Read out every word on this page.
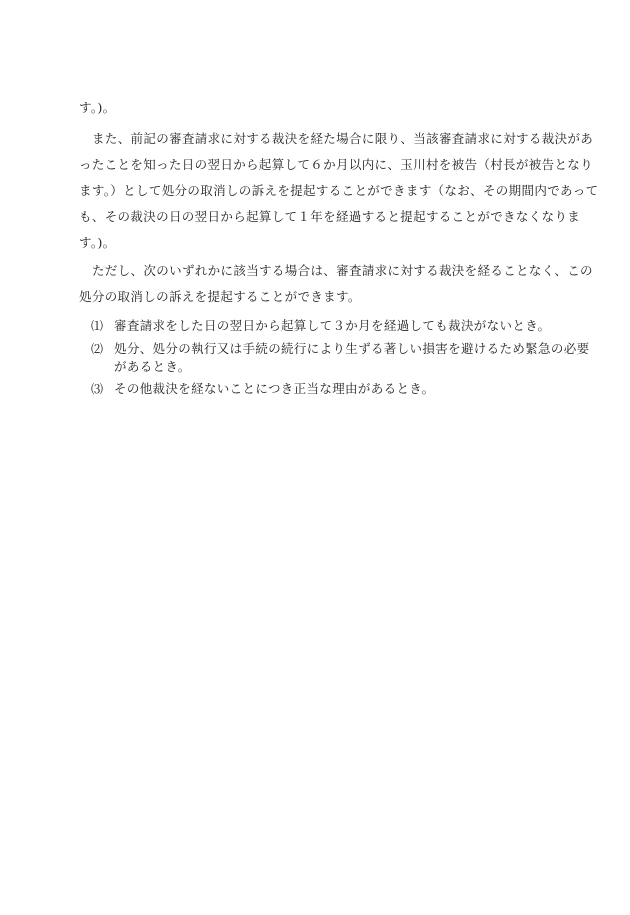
す。)。
また、前記の審査請求に対する裁決を経た場合に限り、当該審査請求に対する裁決があ
ったことを知った日の翌日から起算して６か月以内に、玉川村を被告（村長が被告となり
ます。）として処分の取消しの訴えを提起することができます（なお、その期間内であって
も、その裁決の日の翌日から起算して１年を経過すると提起することができなくなりま
す。)。
ただし、次のいずれかに該当する場合は、審査請求に対する裁決を経ることなく、この
処分の取消しの訴えを提起することができます。
⑴ 審査請求をした日の翌日から起算して３か月を経過しても裁決がないとき。
⑵ 処分、処分の執行又は手続の続行により生ずる著しい損害を避けるため緊急の必要
があるとき。
⑶ その他裁決を経ないことにつき正当な理由があるとき。
